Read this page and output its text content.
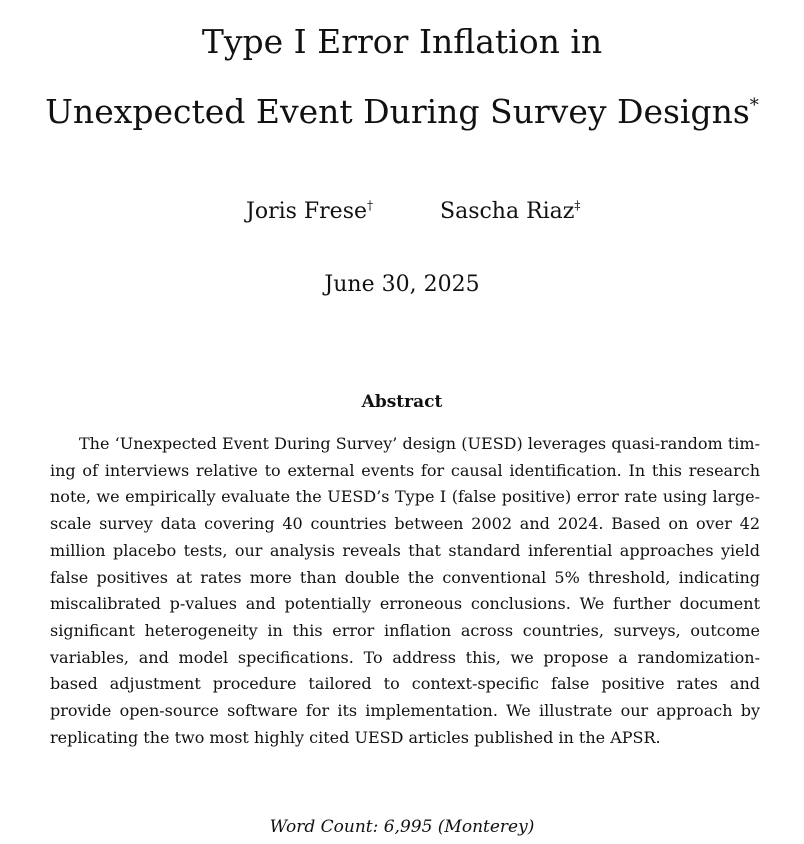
Type I Error Inflation in
Unexpected Event During Survey Designs*
Joris Frese†	Sascha Riaz‡
June 30, 2025
Abstract

The ‘Unexpected Event During Survey’ design (UESD) leverages quasi-random timing of interviews relative to external events for causal identification. In this research note, we empirically evaluate the UESD’s Type I (false positive) error rate using largescale survey data covering 40 countries between 2002 and 2024. Based on over 42 million placebo tests, our analysis reveals that standard inferential approaches yield false positives at rates more than double the conventional 5% threshold, indicating miscalibrated p-values and potentially erroneous conclusions. We further document significant heterogeneity in this error inflation across countries, surveys, outcome variables, and model specifications. To address this, we propose a randomization-based adjustment procedure tailored to context-specific false positive rates and provide open-source software for its implementation. We illustrate our approach by replicating the two most highly cited UESD articles published in the APSR.

Word Count: 6,995 (Monterey)
